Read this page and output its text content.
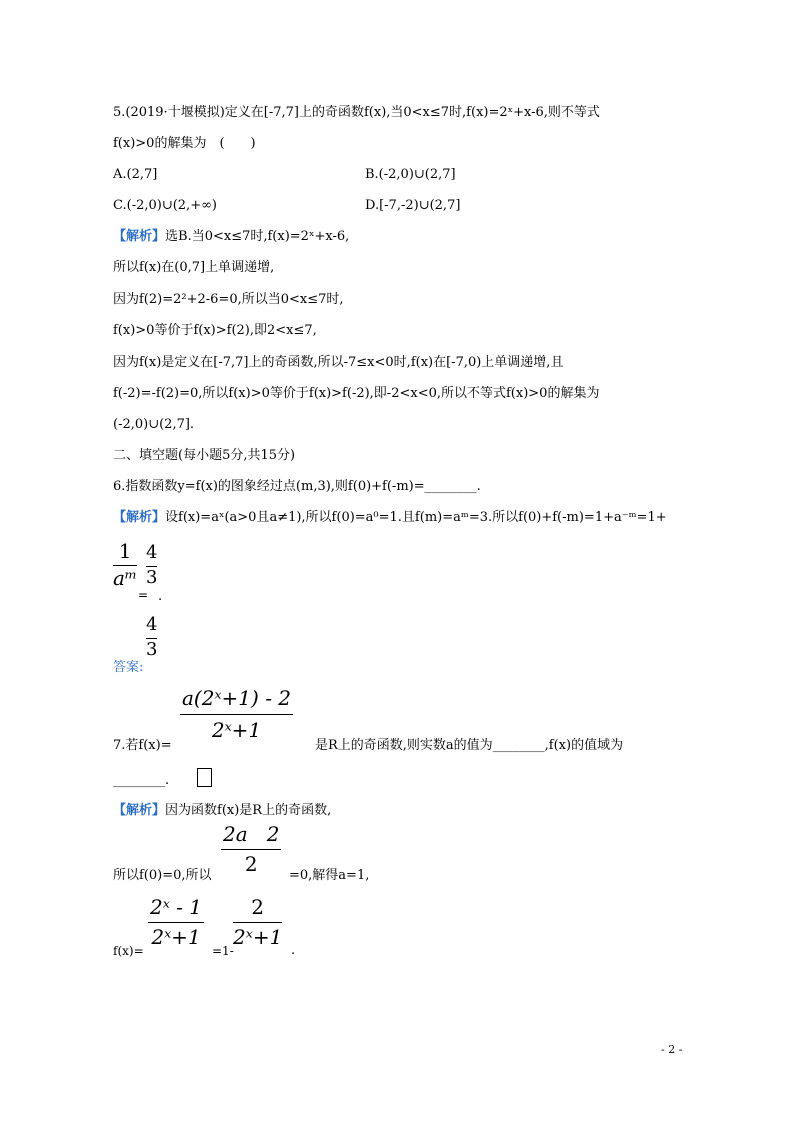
5.(2019·十堰模拟)定义在[-7,7]上的奇函数f(x),当0<x≤7时,f(x)=2ˣ+x-6,则不等式
f(x)>0的解集为　(　　)
A.(2,7]	B.(-2,0)∪(2,7]
C.(-2,0)∪(2,+∞)	D.[-7,-2)∪(2,7]
【解析】选B.当0<x≤7时,f(x)=2ˣ+x-6,
所以f(x)在(0,7]上单调递增,
因为f(2)=2²+2-6=0,所以当0<x≤7时,
f(x)>0等价于f(x)>f(2),即2<x≤7,
因为f(x)是定义在[-7,7]上的奇函数,所以-7≤x<0时,f(x)在[-7,0)上单调递增,且
f(-2)=-f(2)=0,所以f(x)>0等价于f(x)>f(-2),即-2<x<0,所以不等式f(x)>0的解集为
(-2,0)∪(2,7].
二、填空题(每小题5分,共15分)
6.指数函数y=f(x)的图象经过点(m,3),则f(0)+f(-m)=________.
【解析】设f(x)=aˣ(a>0且a≠1),所以f(0)=a⁰=1.且f(m)=aᵐ=3.所以f(0)+f(-m)=1+a⁻ᵐ=1+
1
aᵐ
=
4
3
.
4
3
答案:
a(2ˣ+1) - 2
2ˣ+1
7.若f(x)=	是R上的奇函数,则实数a的值为________,f(x)的值域为
________.
【解析】因为函数f(x)是R上的奇函数,
2a   2
2
所以f(0)=0,所以	=0,解得a=1,
2ˣ - 1
2ˣ+1
f(x)=	=1-
2
2ˣ+1
.
- 2 -
